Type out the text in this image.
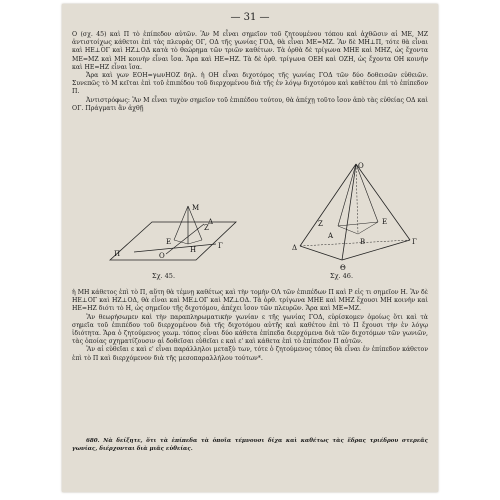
— 31 —

Ο (σχ. 45) καὶ Π τὸ ἐπίπεδον αὐτῶν. Ἂν Μ εἶναι σημεῖον τοῦ ζητουμένου τόπου καὶ ἀχθῶσιν αἱ ΜΕ, ΜΖ ἀντιστοίχως κάθετοι ἐπὶ τὰς πλευρὰς ΟΓ, ΟΔ τῆς γωνίας ΓΟΔ, θὰ εἶναι ΜΕ=ΜΖ. Ἂν δὲ ΜΗ⊥Π, τότε θὰ εἶναι καὶ ΗΕ⊥ΟΓ καὶ ΗΖ⊥ΟΔ κατὰ τὸ θεώρημα τῶν τριῶν καθέτων. Τὰ ὀρθὰ δὲ τρίγωνα ΜΗΕ καὶ ΜΗΖ, ὡς ἔχοντα ΜΕ=ΜΖ καὶ ΜΗ κοινὴν εἶναι ἴσα. Ἄρα καὶ ΗΕ=ΗΖ. Τὰ δὲ ὀρθ. τρίγωνα ΟΕΗ καὶ ΟΖΗ, ὡς ἔχοντα ΟΗ κοινὴν καὶ ΗΕ=ΗΖ εἶναι ἴσα.

Ἄρα καὶ γων ΕΟΗ=γωνΗΟΖ δηλ. ἡ ΟΗ εἶναι διχοτόμος τῆς γωνίας ΓΟΔ τῶν δύο δοθεισῶν εὐθειῶν. Συνεπῶς τὸ Μ κεῖται ἐπὶ τοῦ ἐπιπέδου τοῦ διερχομένου διὰ τῆς ἐν λόγῳ διχοτόμου καὶ καθέτου ἐπὶ τὸ ἐπίπεδον Π.

Ἀντιστρόφως: Ἂν Μ εἶναι τυχὸν σημεῖον τοῦ ἐπιπέδου τούτου, θὰ ἀπέχῃ τοῦτο ἴσον ἀπὸ τὰς εὐθείας ΟΔ καὶ ΟΓ. Πράγματι ἂν ἀχθῇ

Μ
Ζ
Δ
Ε
Ο
Γ
Η
Π
Σχ. 45.
Ο
Ε
Α
Γ
Δ
Θ
Ζ
Β
Σχ. 46.

ἡ ΜΗ κάθετος ἐπὶ τὸ Π, αὕτη θὰ τέμνῃ καθέτως καὶ τὴν τομὴν ΟΛ τῶν ἐπιπέδων Π καὶ Ρ εἰς τι σημεῖον Η. Ἂν δὲ ΗΕ⊥ΟΓ καὶ ΗΖ⊥ΟΔ, θὰ εἶναι καὶ ΜΕ⊥ΟΓ καὶ ΜΖ⊥ΟΔ. Τὰ ὀρθ. τρίγωνα ΜΗΕ καὶ ΜΗΖ ἔχουσι ΜΗ κοινὴν καὶ ΗΕ=ΗΖ διότι τὸ Η, ὡς σημεῖον τῆς διχοτόμου, ἀπέχει ἴσον τῶν πλευρῶν. Ἄρα καὶ ΜΕ=ΜΖ.

Ἂν θεωρήσωμεν καὶ τὴν παραπληρωματικὴν γωνίαν ε τῆς γωνίας ΓΟΔ, εὑρίσκομεν ὁμοίως ὅτι καὶ τὰ σημεῖα τοῦ ἐπιπέδου τοῦ διερχομένου διὰ τῆς διχοτόμου αὐτῆς καὶ καθέτου ἐπὶ τὸ Π ἔχουσι τὴν ἐν λόγῳ ἰδιότητα. Ἄρα ὁ ζητούμενος γεωμ. τόπος εἶναι δύο κάθετα ἐπίπεδα διερχόμενα διὰ τῶν διχοτόμων τῶν γωνιῶν, τὰς ὁποίας σχηματίζουσιν αἱ δοθεῖσαι εὐθεῖαι ε καὶ ε' καὶ κάθετα ἐπὶ τὸ ἐπίπεδον Π αὐτῶν.

Ἂν αἱ εὐθεῖαι ε καὶ ε' εἶναι παράλληλοι μεταξὺ των, τότε ὁ ζητούμενος τόπος θὰ εἶναι ἐν ἐπίπεδον κάθετον ἐπὶ τὸ Π καὶ διερχόμενον διὰ τῆς μεσοπαραλλήλου τούτων*.

680. Νὰ δείξητε, ὅτι τὰ ἐπίπεδα τὰ ὁποῖα τέμνουσι δίχα καὶ καθέτως τὰς ἕδρας τριέδρου στερεᾶς γωνίας, διέρχονται διὰ μιᾶς εὐθείας.
